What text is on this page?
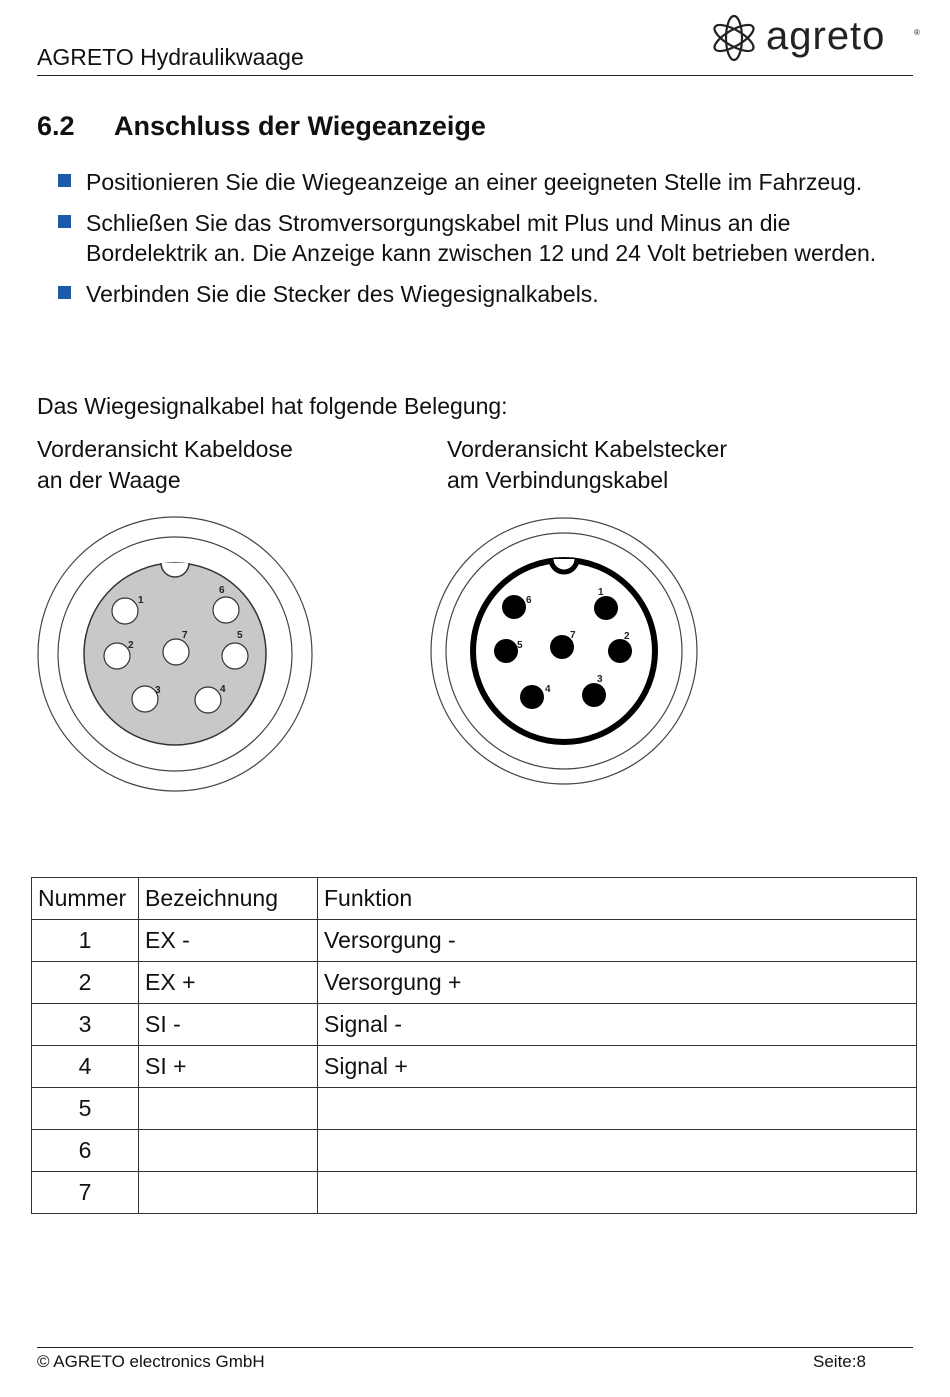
AGRETO Hydraulikwaage	agreto	®
6.2 Anschluss der Wiegeanzeige
Positionieren Sie die Wiegeanzeige an einer geeigneten Stelle im Fahrzeug.
Schließen Sie das Stromversorgungskabel mit Plus und Minus an die Bordelektrik an. Die Anzeige kann zwischen 12 und 24 Volt betrieben werden.
Verbinden Sie die Stecker des Wiegesignalkabels.
Das Wiegesignalkabel hat folgende Belegung:
Vorderansicht Kabeldose
an der Waage
Vorderansicht Kabelstecker
am Verbindungskabel
1
2
3	4
5
6
7
1
2
3
4
5
6
7
Nummer	Bezeichnung	Funktion
1	EX -	Versorgung -
2	EX +	Versorgung +
3	SI -	Signal -
4	SI +	Signal +
5		
6		
7		
© AGRETO electronics GmbH	Seite:8
